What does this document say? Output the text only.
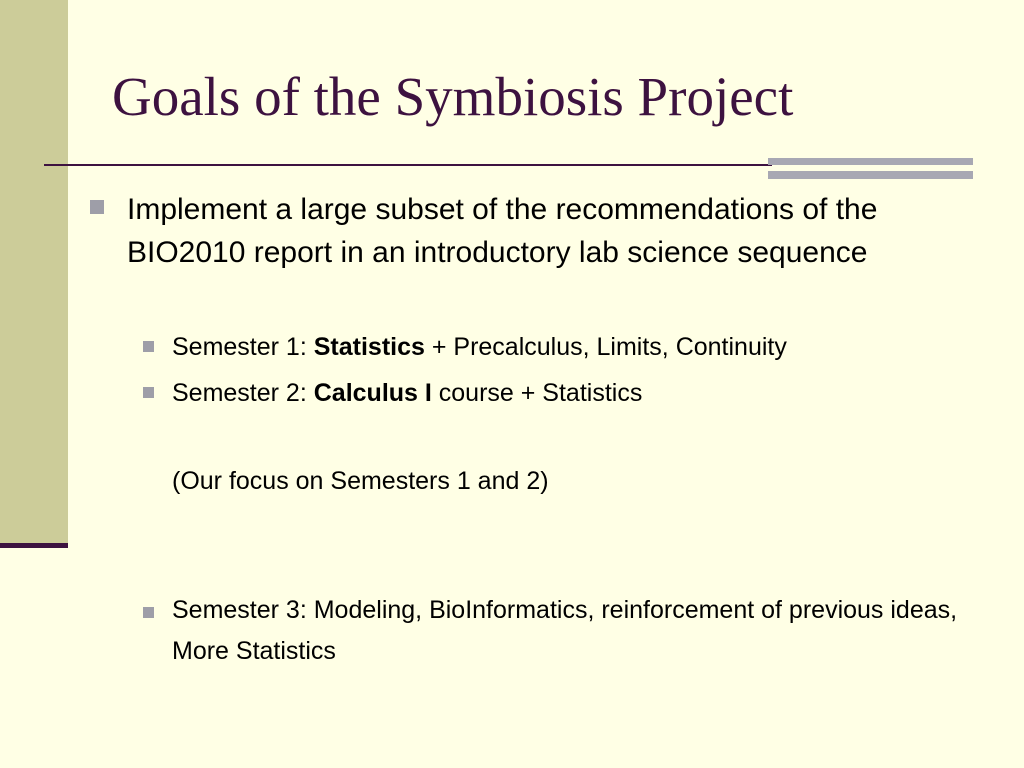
Goals of the Symbiosis Project
Implement a large subset of the recommendations of the BIO2010 report in an introductory lab science sequence
Semester 1: Statistics + Precalculus, Limits, Continuity
Semester 2: Calculus I course + Statistics
(Our focus on Semesters 1 and 2)
Semester 3: Modeling, BioInformatics, reinforcement of previous ideas, More Statistics
